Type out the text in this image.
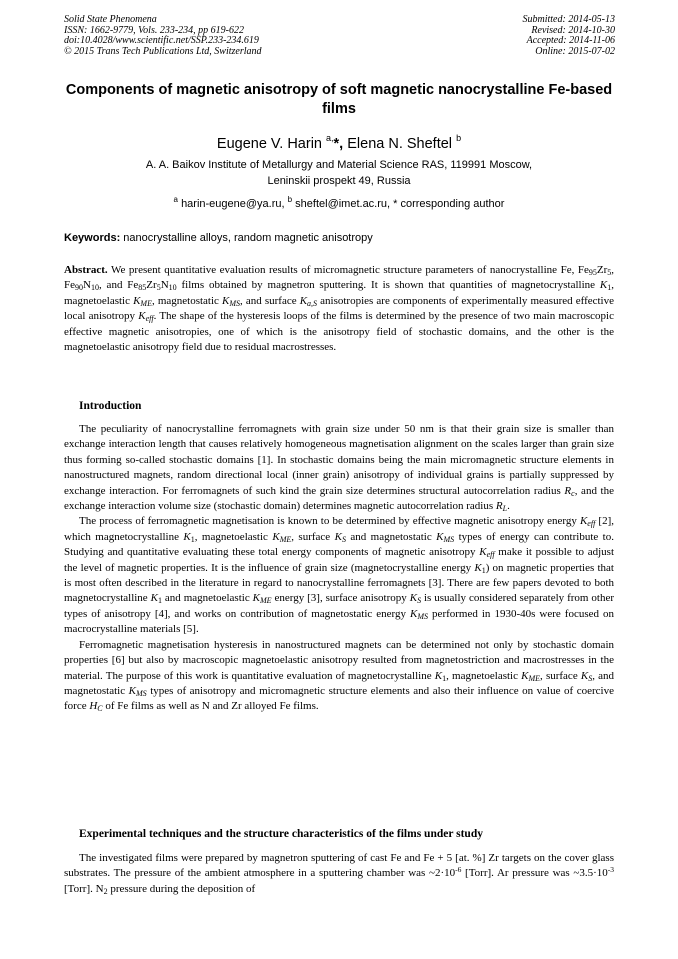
Solid State Phenomena
ISSN: 1662-9779, Vols. 233-234, pp 619-622
doi:10.4028/www.scientific.net/SSP.233-234.619
© 2015 Trans Tech Publications Ltd, Switzerland
Submitted: 2014-05-13
Revised: 2014-10-30
Accepted: 2014-11-06
Online: 2015-07-02
Components of magnetic anisotropy of soft magnetic nanocrystalline Fe-based films
Eugene V. Harin $^{a,}$*, Elena N. Sheftel $^b$
A. A. Baikov Institute of Metallurgy and Material Science RAS, 119991 Moscow,
Leninskii prospekt 49, Russia
$^a$ harin-eugene@ya.ru, $^b$ sheftel@imet.ac.ru, * corresponding author
Keywords: nanocrystalline alloys, random magnetic anisotropy

Abstract. We present quantitative evaluation results of micromagnetic structure parameters of nanocrystalline Fe, $Fe_{95}Zr_5$, $Fe_{90}N_{10}$, and $Fe_{85}Zr_5N_{10}$ films obtained by magnetron sputtering. It is shown that quantities of magnetocrystalline $K_1$, magnetoelastic $K_{ME}$, magnetostatic $K_{MS}$, and surface $K_{a,S}$ anisotropies are components of experimentally measured effective local anisotropy $K_{eff}$. The shape of the hysteresis loops of the films is determined by the presence of two main macroscopic effective magnetic anisotropies, one of which is the anisotropy field of stochastic domains, and the other is the magnetoelastic anisotropy field due to residual macrostresses.

Introduction

The peculiarity of nanocrystalline ferromagnets with grain size under 50 nm is that their grain size is smaller than exchange interaction length that causes relatively homogeneous magnetisation alignment on the scales larger than grain size thus forming so-called stochastic domains [1]. In stochastic domains being the main micromagnetic structure elements in nanostructured magnets, random directional local (inner grain) anisotropy of individual grains is partially suppressed by exchange interaction. For ferromagnets of such kind the grain size determines structural autocorrelation radius $R_c$, and the exchange interaction volume size (stochastic domain) determines magnetic autocorrelation radius $R_L$.

The process of ferromagnetic magnetisation is known to be determined by effective magnetic anisotropy energy $K_{eff}$ [2], which magnetocrystalline $K_1$, magnetoelastic $K_{ME}$, surface $K_S$ and magnetostatic $K_{MS}$ types of energy can contribute to. Studying and quantitative evaluating these total energy components of magnetic anisotropy $K_{eff}$ make it possible to adjust the level of magnetic properties. It is the influence of grain size (magnetocrystalline energy $K_1$) on magnetic properties that is most often described in the literature in regard to nanocrystalline ferromagnets [3]. There are few papers devoted to both magnetocrystalline $K_1$ and magnetoelastic $K_{ME}$ energy [3], surface anisotropy $K_S$ is usually considered separately from other types of anisotropy [4], and works on contribution of magnetostatic energy $K_{MS}$ performed in 1930-40s were focused on macrocrystalline materials [5].

Ferromagnetic magnetisation hysteresis in nanostructured magnets can be determined not only by stochastic domain properties [6] but also by macroscopic magnetoelastic anisotropy resulted from magnetostriction and macrostresses in the material. The purpose of this work is quantitative evaluation of magnetocrystalline $K_1$, magnetoelastic $K_{ME}$, surface $K_S$, and magnetostatic $K_{MS}$ types of anisotropy and micromagnetic structure elements and also their influence on value of coercive force $H_C$ of Fe films as well as N and Zr alloyed Fe films.

Experimental techniques and the structure characteristics of the films under study

The investigated films were prepared by magnetron sputtering of cast Fe and Fe + 5 [at. %] Zr targets on the cover glass substrates. The pressure of the ambient atmosphere in a sputtering chamber was $\sim 2\cdot 10^{-6}$ [Torr]. Ar pressure was $\sim 3.5\cdot 10^{-3}$ [Torr]. $N_2$ pressure during the deposition of
